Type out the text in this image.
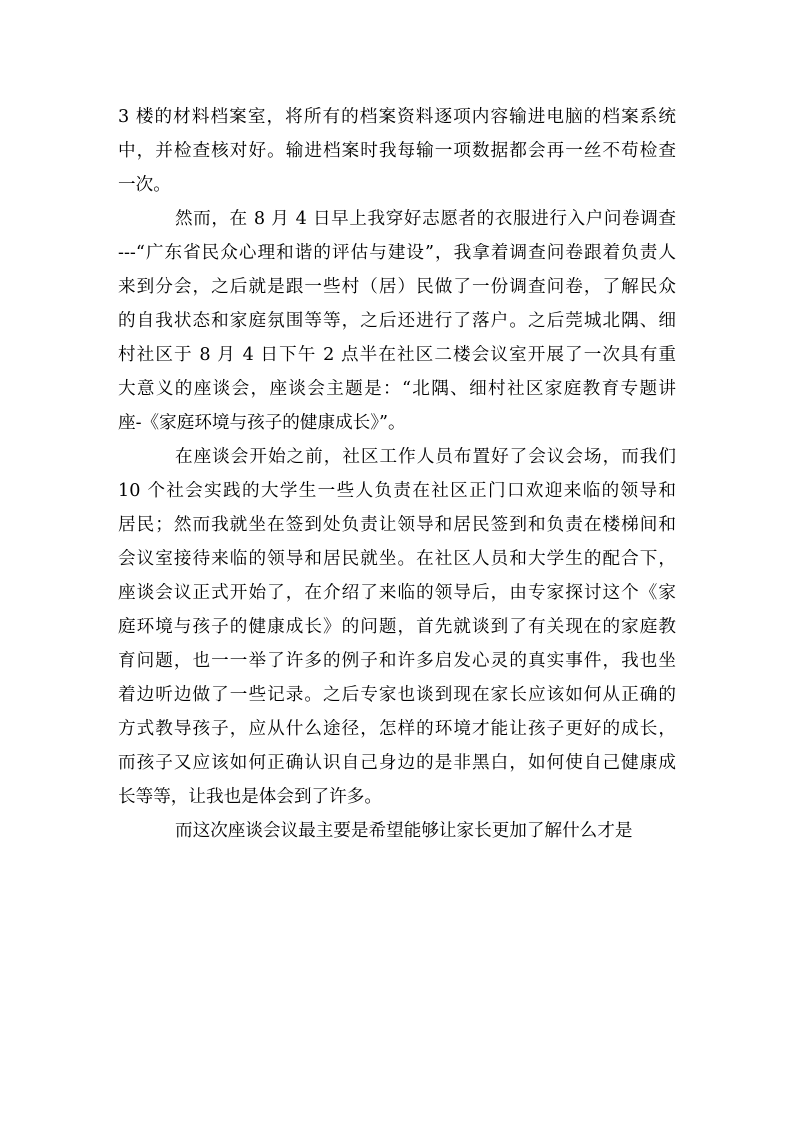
3 楼的材料档案室，将所有的档案资料逐项内容输进电脑的档案系统
中，并检查核对好。输进档案时我每输一项数据都会再一丝不苟检查
一次。
然而，在 8 月 4 日早上我穿好志愿者的衣服进行入户问卷调查
---“广东省民众心理和谐的评估与建设”，我拿着调查问卷跟着负责人
来到分会，之后就是跟一些村（居）民做了一份调查问卷，了解民众
的自我状态和家庭氛围等等，之后还进行了落户。之后莞城北隅、细
村社区于 8 月 4 日下午 2 点半在社区二楼会议室开展了一次具有重
大意义的座谈会，座谈会主题是：“北隅、细村社区家庭教育专题讲
座-《家庭环境与孩子的健康成长》”。
在座谈会开始之前，社区工作人员布置好了会议会场，而我们
10 个社会实践的大学生一些人负责在社区正门口欢迎来临的领导和
居民；然而我就坐在签到处负责让领导和居民签到和负责在楼梯间和
会议室接待来临的领导和居民就坐。在社区人员和大学生的配合下，
座谈会议正式开始了，在介绍了来临的领导后，由专家探讨这个《家
庭环境与孩子的健康成长》的问题，首先就谈到了有关现在的家庭教
育问题，也一一举了许多的例子和许多启发心灵的真实事件，我也坐
着边听边做了一些记录。之后专家也谈到现在家长应该如何从正确的
方式教导孩子，应从什么途径，怎样的环境才能让孩子更好的成长，
而孩子又应该如何正确认识自己身边的是非黑白，如何使自己健康成
长等等，让我也是体会到了许多。
而这次座谈会议最主要是希望能够让家长更加了解什么才是
